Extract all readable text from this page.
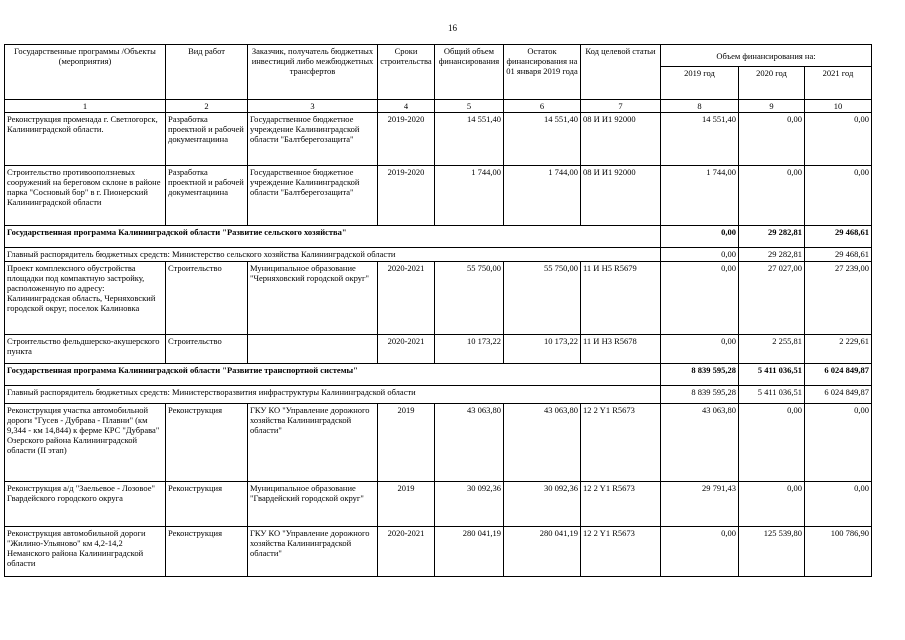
16
Государственные программы /Объекты (мероприятия)	Вид работ	Заказчик, получатель бюджетных инвестиций либо межбюджетных трансфертов	Сроки строительства	Общий объем финансирования	Остаток финансирования на 01 января 2019 года	Код целевой статьи	Объем финансирования на:		
							2019 год	2020 год	2021 год
1	2	3	4	5	6	7	8	9	10
Реконструкция променада г. Светлогорск, Калининградской области.	Разработка проектной и рабочей документациина	Государственное бюджетное учреждение Калининградской области "Балтберегозащита"	2019-2020	14 551,40	14 551,40	08 И И1 92000	14 551,40	0,00	0,00
Строительство противооползневых сооружений на береговом склоне в районе парка "Сосновый бор" в г. Пионерский Калининградской области	Разработка проектной и рабочей документациина	Государственное бюджетное учреждение Калининградской области "Балтберегозащита"	2019-2020	1 744,00	1 744,00	08 И И1 92000	1 744,00	0,00	0,00
Государственная программа Калининградской области "Развитие сельского хозяйства"							0,00	29 282,81	29 468,61
Главный распорядитель бюджетных средств: Министерство сельского хозяйства Калининградской области							0,00	29 282,81	29 468,61
Проект комплексного обустройства площадки под компактную застройку, расположенную по адресу: Калининградская область, Черняховский городской округ, поселок Калиновка	Строительство	Муниципальное образование "Черняховский городской округ"	2020-2021	55 750,00	55 750,00	11 И Н5 R5679	0,00	27 027,00	27 239,00
Строительство фельдшерско-акушерского пункта	Строительство		2020-2021	10 173,22	10 173,22	11 И Н3 R5678	0,00	2 255,81	2 229,61
Государственная программа Калининградской области "Развитие транспортной системы"							8 839 595,28	5 411 036,51	6 024 849,87
Главный распорядитель бюджетных средств: Министерстворазвития инфраструктуры Калининградской области							8 839 595,28	5 411 036,51	6 024 849,87
Реконструкция участка автомобильной дороги "Гусев - Дубрава - Плавни" (км 9,344 - км 14,844) к ферме КРС "Дубрава" Озерского района Калининградской области (II этап)	Реконструкция	ГКУ КО "Управление дорожного хозяйства Калининградской области"	2019	43 063,80	43 063,80	12 2 Y1 R5673	43 063,80	0,00	0,00
Реконструкция а/д "Заельевое - Лозовое" Гвардейского городского округа	Реконструкция	Муниципальное образование "Гвардейский городской округ"	2019	30 092,36	30 092,36	12 2 Y1 R5673	29 791,43	0,00	0,00
Реконструкция автомобильной дороги "Жилино-Ульяново" км 4,2-14,2 Неманского района Калининградской области	Реконструкция	ГКУ КО "Управление дорожного хозяйства Калининградской области"	2020-2021	280 041,19	280 041,19	12 2 Y1 R5673	0,00	125 539,80	100 786,90
